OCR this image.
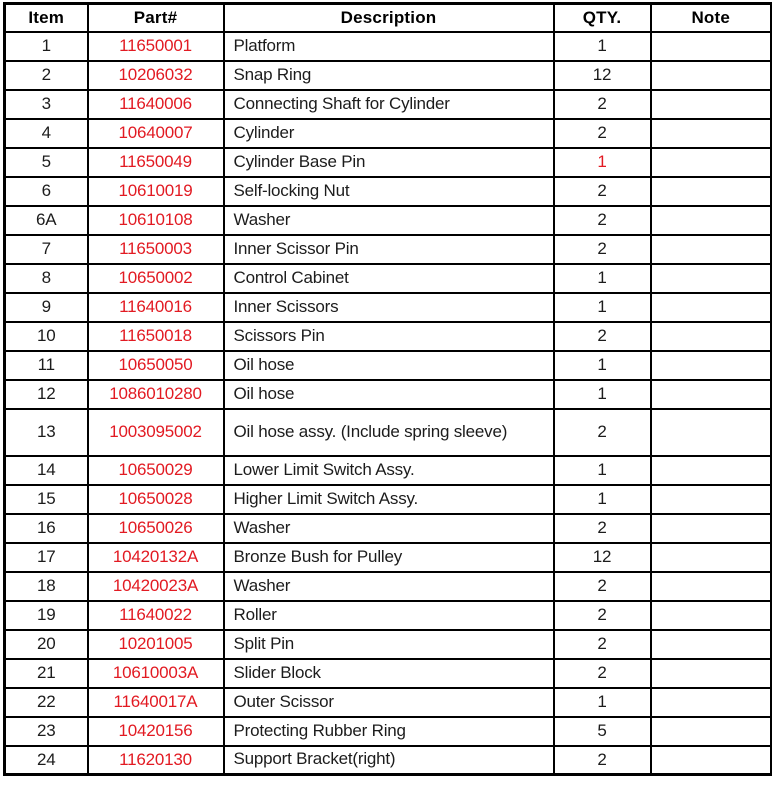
Item	Part#	Description	QTY.	Note
1	11650001	Platform	1	
2	10206032	Snap Ring	12	
3	11640006	Connecting Shaft for Cylinder	2	
4	10640007	Cylinder	2	
5	11650049	Cylinder Base Pin	1	
6	10610019	Self-locking Nut	2	
6A	10610108	Washer	2	
7	11650003	Inner Scissor Pin	2	
8	10650002	Control Cabinet	1	
9	11640016	Inner Scissors	1	
10	11650018	Scissors Pin	2	
11	10650050	Oil hose	1	
12	1086010280	Oil hose	1	
13	1003095002	Oil hose assy. (Include spring sleeve)	2	
14	10650029	Lower Limit Switch Assy.	1	
15	10650028	Higher Limit Switch Assy.	1	
16	10650026	Washer	2	
17	10420132A	Bronze Bush for Pulley	12	
18	10420023A	Washer	2	
19	11640022	Roller	2	
20	10201005	Split Pin	2	
21	10610003A	Slider Block	2	
22	11640017A	Outer Scissor	1	
23	10420156	Protecting Rubber Ring	5	
24	11620130	Support Bracket(right)	2	
